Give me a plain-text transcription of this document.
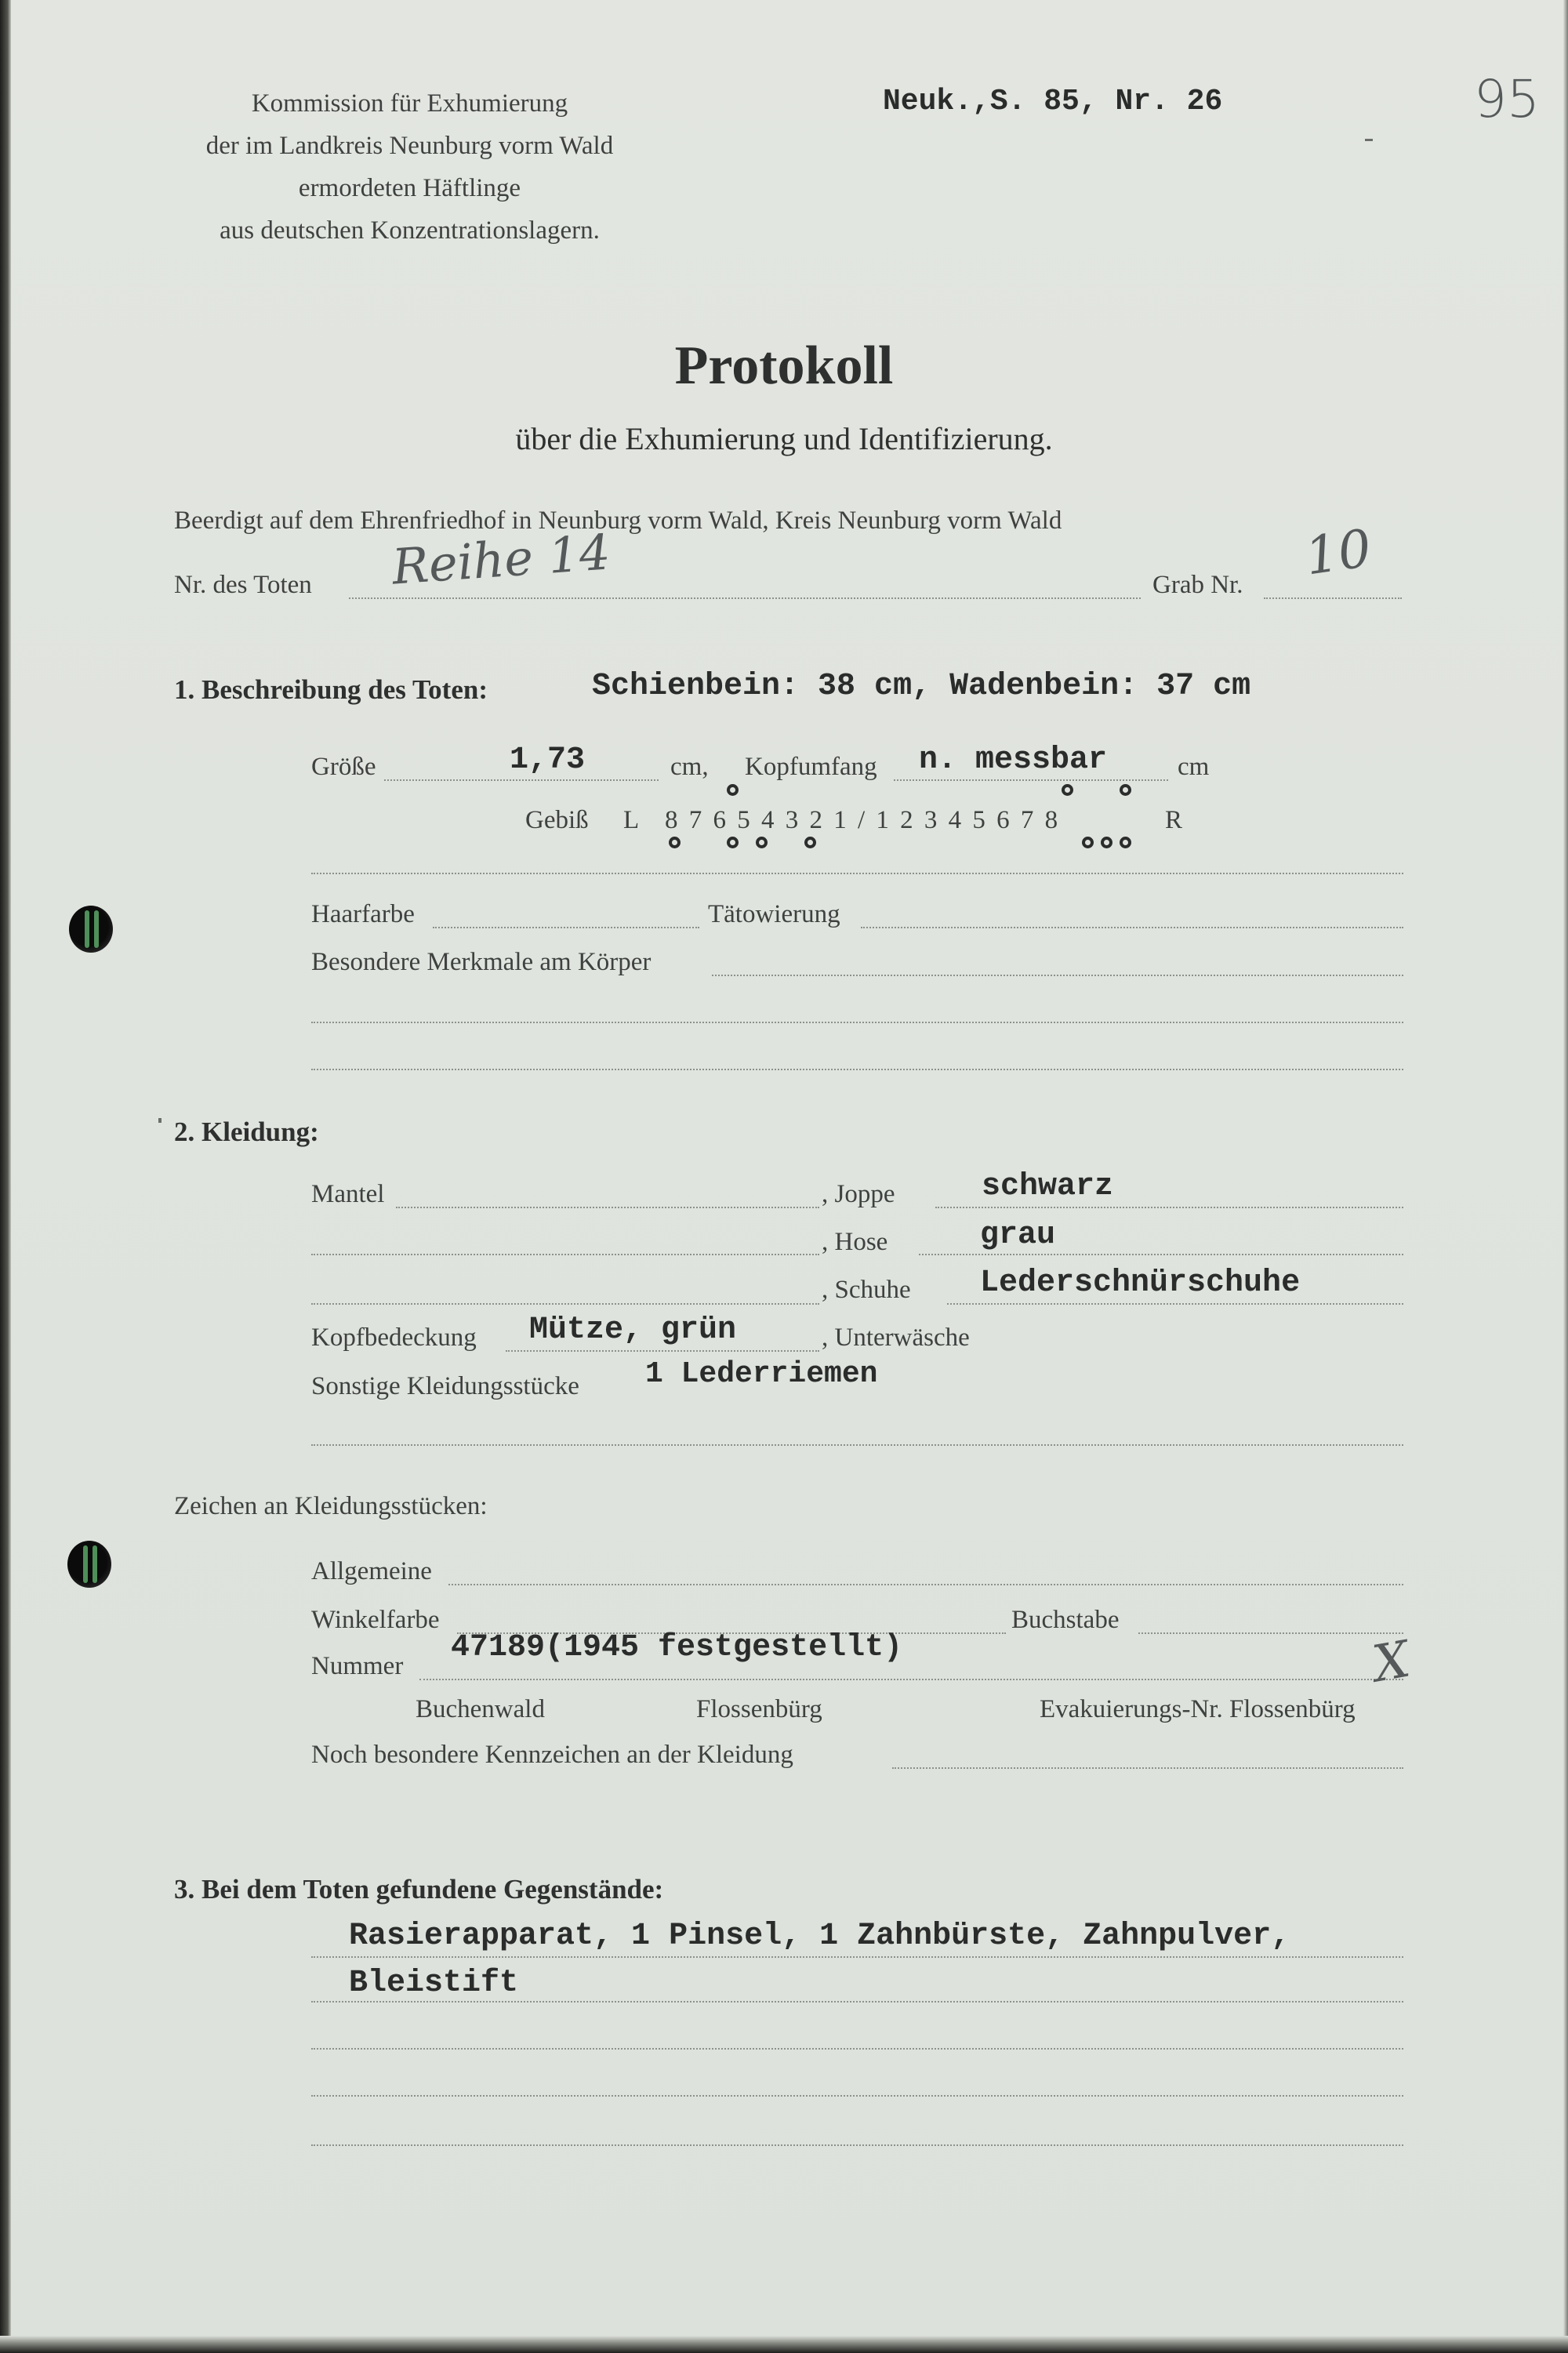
Kommission für Exhumierung
der im Landkreis Neunburg vorm Wald
ermordeten Häftlinge
aus deutschen Konzentrationslagern.
Neuk.,S. 85, Nr. 26	95
Protokoll
über die Exhumierung und Identifizierung.
Beerdigt auf dem Ehrenfriedhof in Neunburg vorm Wald, Kreis Neunburg vorm Wald
Nr. des Toten Reihe 14	Grab Nr. 10
1. Beschreibung des Toten:	Schienbein: 38 cm, Wadenbein: 37 cm
Größe	1,73	cm, Kopfumfang n. messbar	cm
Gebiß L 8 7 6 5 4 3 2 1 / 1 2 3 4 5 6 7 8	R
Haarfarbe	Tätowierung
Besondere Merkmale am Körper
2. Kleidung:
Mantel	, Joppe	schwarz
, Hose	grau
, Schuhe Lederschnürschuhe
Kopfbedeckung Mütze, grün	, Unterwäsche
Sonstige Kleidungsstücke 1 Lederriemen
Zeichen an Kleidungsstücken:
Allgemeine
Winkelfarbe	Buchstabe
Nummer
47189(1945 festgestellt)	X
Buchenwald	Flossenbürg	Evakuierungs-Nr. Flossenbürg
Noch besondere Kennzeichen an der Kleidung
3. Bei dem Toten gefundene Gegenstände:
Rasierapparat, 1 Pinsel, 1 Zahnbürste, Zahnpulver,
Bleistift
